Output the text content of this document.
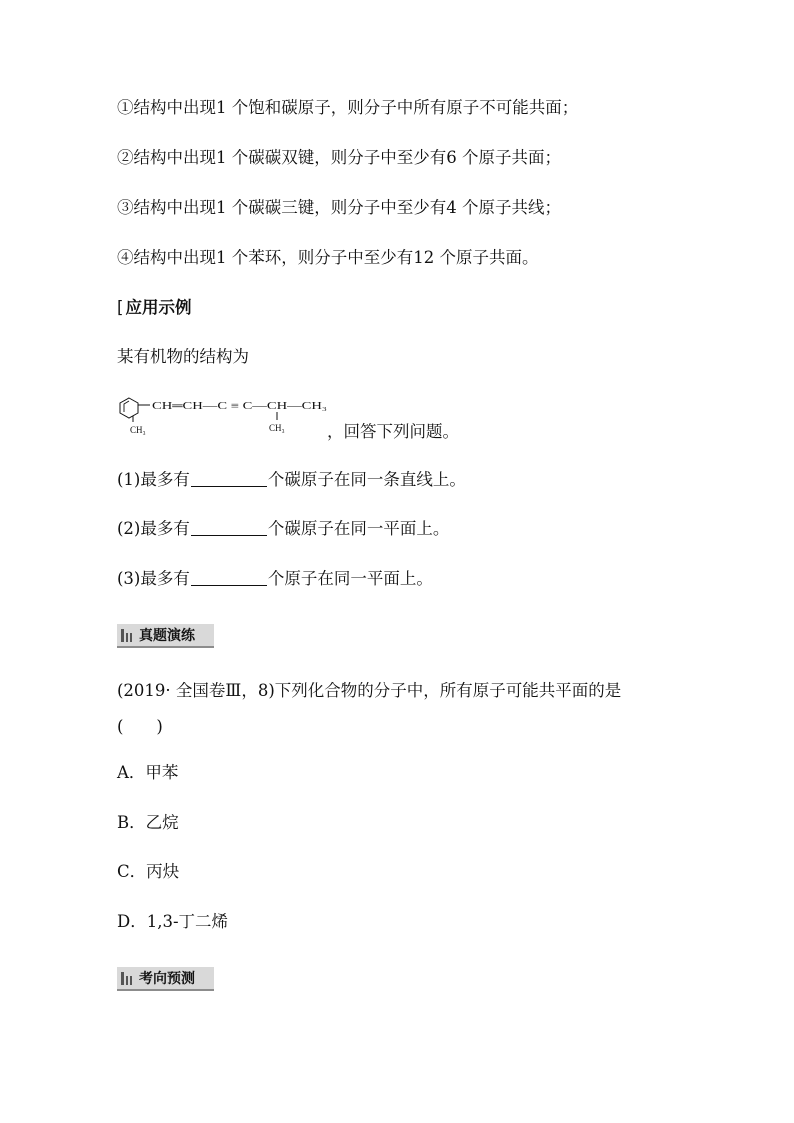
①结构中出现1 个饱和碳原子，则分子中所有原子不可能共面；
②结构中出现1 个碳碳双键，则分子中至少有6 个原子共面；
③结构中出现1 个碳碳三键，则分子中至少有4 个原子共线；
④结构中出现1 个苯环，则分子中至少有12 个原子共面。
[ 应用示例
某有机物的结构为
CH₃
CH═CH—C ≡ C—CH—CH₃
CH₃	，回答下列问题。
(1)最多有	个碳原子在同一条直线上。
(2)最多有	个碳原子在同一平面上。
(3)最多有	个原子在同一平面上。
真题演练
(2019· 全国卷Ⅲ，8)下列化合物的分子中，所有原子可能共平面的是
(　　)
A．甲苯
B．乙烷
C．丙炔
D．1,3-丁二烯
考向预测
